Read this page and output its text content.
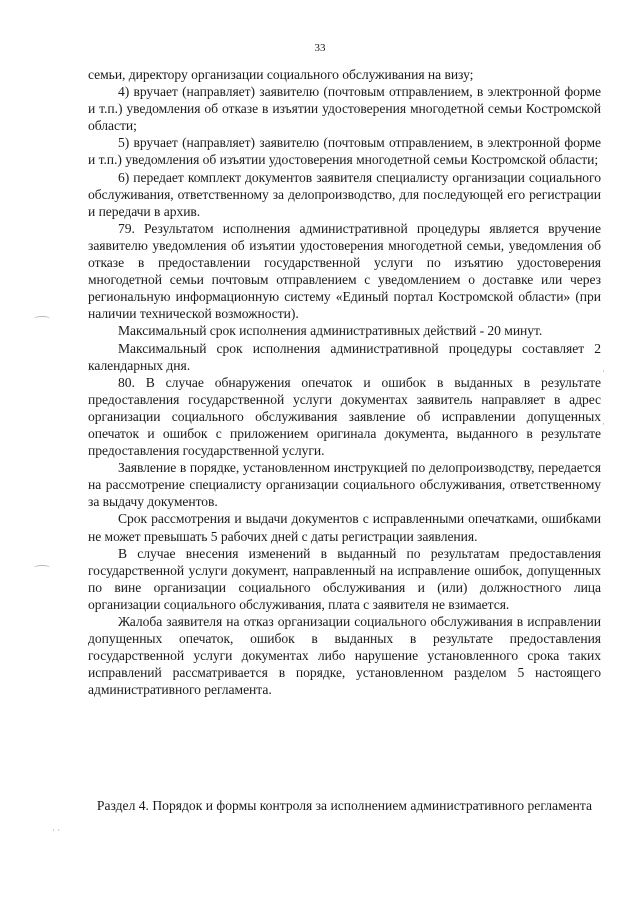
33

семьи, директору организации социального обслуживания на визу;

4) вручает (направляет) заявителю (почтовым отправлением, в электронной форме и т.п.) уведомления об отказе в изъятии удостоверения многодетной семьи Костромской области;

5) вручает (направляет) заявителю (почтовым отправлением, в электронной форме и т.п.) уведомления об изъятии удостоверения многодетной семьи Костромской области;

6) передает комплект документов заявителя специалисту организации социального обслуживания, ответственному за делопроизводство, для последующей его регистрации и передачи в архив.

79. Результатом исполнения административной процедуры является вручение заявителю уведомления об изъятии удостоверения многодетной семьи, уведомления об отказе в предоставлении государственной услуги по изъятию удостоверения многодетной семьи почтовым отправлением с уведомлением о доставке или через региональную информационную систему «Единый портал Костромской области» (при наличии технической возможности).

Максимальный срок исполнения административных действий - 20 минут.

Максимальный срок исполнения административной процедуры составляет 2 календарных дня.

80. В случае обнаружения опечаток и ошибок в выданных в результате предоставления государственной услуги документах заявитель направляет в адрес организации социального обслуживания заявление об исправлении допущенных опечаток и ошибок с приложением оригинала документа, выданного в результате предоставления государственной услуги.

Заявление в порядке, установленном инструкцией по делопроизводству, передается на рассмотрение специалисту организации социального обслуживания, ответственному за выдачу документов.

Срок рассмотрения и выдачи документов с исправленными опечатками, ошибками не может превышать 5 рабочих дней с даты регистрации заявления.

В случае внесения изменений в выданный по результатам предоставления государственной услуги документ, направленный на исправление ошибок, допущенных по вине организации социального обслуживания и (или) должностного лица организации социального обслуживания, плата с заявителя не взимается.

Жалоба заявителя на отказ организации социального обслуживания в исправлении допущенных опечаток, ошибок в выданных в результате предоставления государственной услуги документах либо нарушение установленного срока таких исправлений рассматривается в порядке, установленном разделом 5 настоящего административного регламента.

Раздел 4. Порядок и формы контроля за исполнением административного регламента
·
·
· ·
